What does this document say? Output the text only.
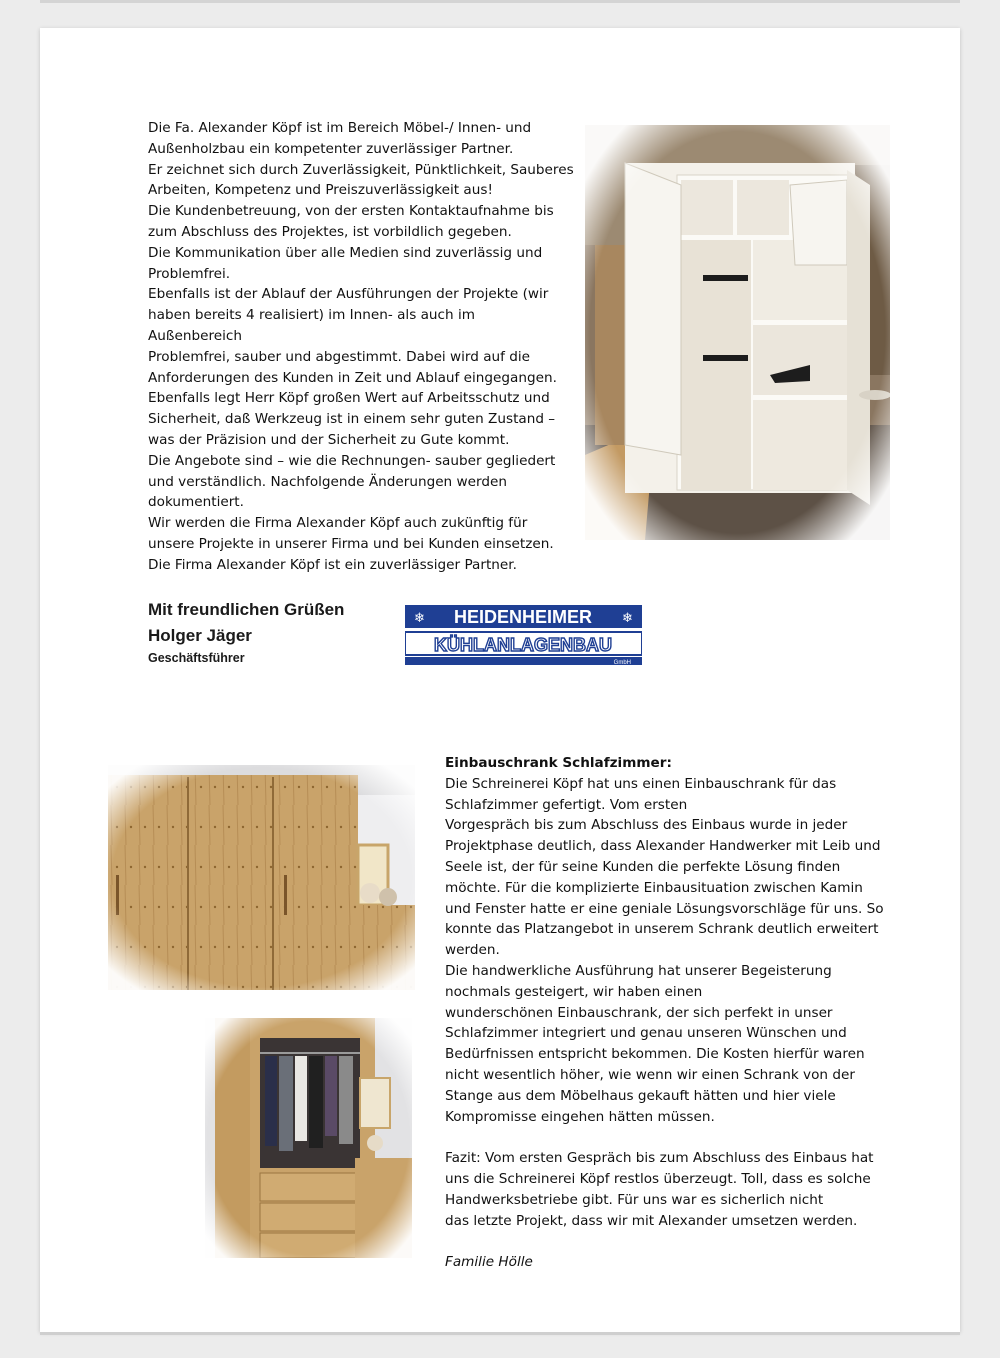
Die Fa. Alexander Köpf ist im Bereich Möbel-/ Innen- und
Außenholzbau ein kompetenter zuverlässiger Partner.
Er zeichnet sich durch Zuverlässigkeit, Pünktlichkeit, Sauberes
Arbeiten, Kompetenz und Preiszuverlässigkeit aus!
Die Kundenbetreuung, von der ersten Kontaktaufnahme bis
zum Abschluss des Projektes, ist vorbildlich gegeben.
Die Kommunikation über alle Medien sind zuverlässig und
Problemfrei.
Ebenfalls ist der Ablauf der Ausführungen der Projekte (wir
haben bereits 4 realisiert) im Innen- als auch im
Außenbereich
Problemfrei, sauber und abgestimmt. Dabei wird auf die
Anforderungen des Kunden in Zeit und Ablauf eingegangen.
Ebenfalls legt Herr Köpf großen Wert auf Arbeitsschutz und
Sicherheit, daß Werkzeug ist in einem sehr guten Zustand –
was der Präzision und der Sicherheit zu Gute kommt.
Die Angebote sind – wie die Rechnungen- sauber gegliedert
und verständlich. Nachfolgende Änderungen werden
dokumentiert.
Wir werden die Firma Alexander Köpf auch zukünftig für
unsere Projekte in unserer Firma und bei Kunden einsetzen.
Die Firma Alexander Köpf ist ein zuverlässiger Partner.
Mit freundlichen Grüßen
Holger Jäger
Geschäftsführer
❄	❄
HEIDENHEIMER
KÜHLANLAGENBAU
GmbH
Einbauschrank Schlafzimmer:
Die Schreinerei Köpf hat uns einen Einbauschrank für das
Schlafzimmer gefertigt. Vom ersten
Vorgespräch bis zum Abschluss des Einbaus wurde in jeder
Projektphase deutlich, dass Alexander Handwerker mit Leib und
Seele ist, der für seine Kunden die perfekte Lösung finden
möchte. Für die komplizierte Einbausituation zwischen Kamin
und Fenster hatte er eine geniale Lösungsvorschläge für uns. So
konnte das Platzangebot in unserem Schrank deutlich erweitert
werden.
Die handwerkliche Ausführung hat unserer Begeisterung
nochmals gesteigert, wir haben einen
wunderschönen Einbauschrank, der sich perfekt in unser
Schlafzimmer integriert und genau unseren Wünschen und
Bedürfnissen entspricht bekommen. Die Kosten hierfür waren
nicht wesentlich höher, wie wenn wir einen Schrank von der
Stange aus dem Möbelhaus gekauft hätten und hier viele
Kompromisse eingehen hätten müssen.
Fazit: Vom ersten Gespräch bis zum Abschluss des Einbaus hat
uns die Schreinerei Köpf restlos überzeugt. Toll, dass es solche
Handwerksbetriebe gibt. Für uns war es sicherlich nicht
das letzte Projekt, dass wir mit Alexander umsetzen werden.
Familie Hölle
